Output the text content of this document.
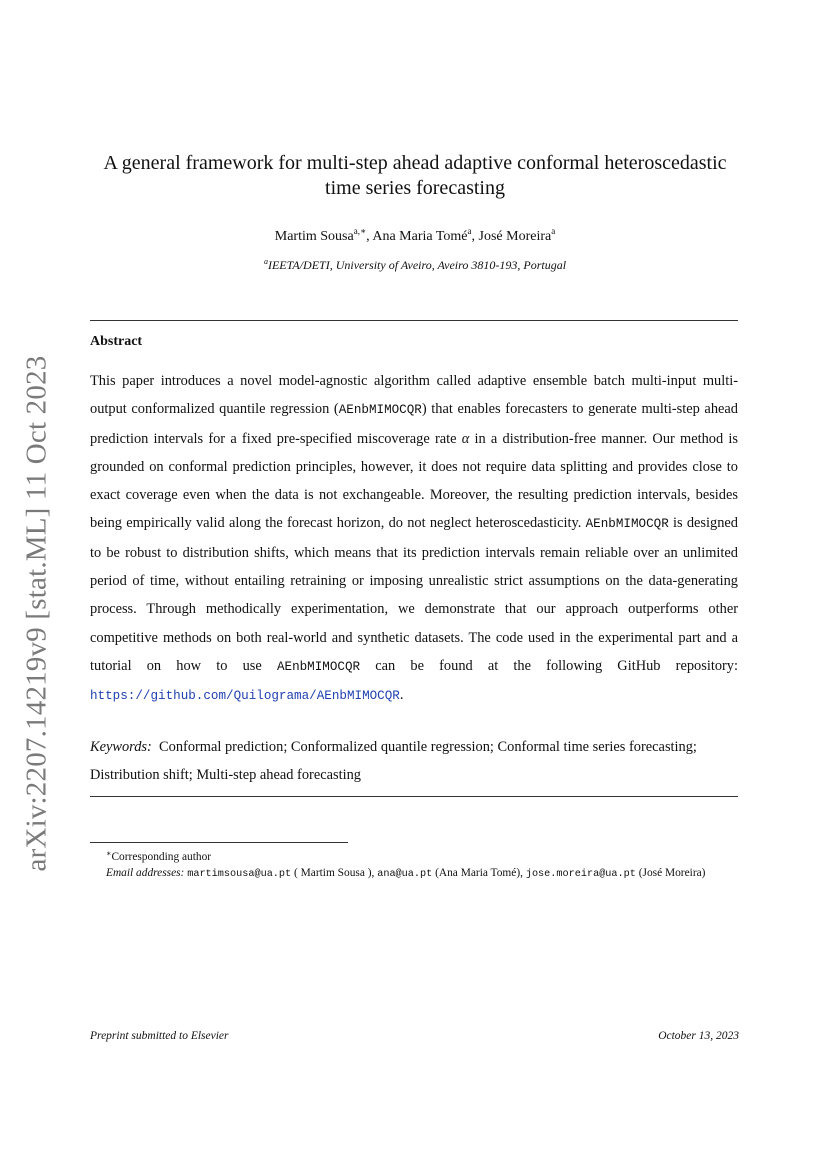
arXiv:2207.14219v9 [stat.ML] 11 Oct 2023
A general framework for multi-step ahead adaptive conformal heteroscedastic time series forecasting
Martim Sousa$^{a,∗}$, Ana Maria Tomé$^a$, José Moreira$^a$
$^a$IEETA/DETI, University of Aveiro, Aveiro 3810-193, Portugal
Abstract
This paper introduces a novel model-agnostic algorithm called adaptive ensemble batch multi-input multi-output conformalized quantile regression (AEnbMIMOCQR) that enables forecasters to generate multi-step ahead prediction intervals for a fixed pre-specified miscoverage rate α in a distribution-free manner. Our method is grounded on conformal prediction principles, however, it does not require data splitting and provides close to exact coverage even when the data is not exchangeable. Moreover, the resulting prediction intervals, besides being empirically valid along the forecast horizon, do not neglect heteroscedasticity. AEnbMIMOCQR is designed to be robust to distribution shifts, which means that its prediction intervals remain reliable over an unlimited period of time, without entailing retraining or imposing unrealistic strict assumptions on the data-generating process. Through methodically experimentation, we demonstrate that our approach outperforms other competitive methods on both real-world and synthetic datasets. The code used in the experimental part and a tutorial on how to use AEnbMIMOCQR can be found at the following GitHub repository: https://github.com/Quilograma/AEnbMIMOCQR.
Keywords: Conformal prediction; Conformalized quantile regression; Conformal time series forecasting; Distribution shift; Multi-step ahead forecasting
∗Corresponding author
Email addresses: martimsousa@ua.pt ( Martim Sousa ), ana@ua.pt (Ana Maria Tomé), jose.moreira@ua.pt (José Moreira)
Preprint submitted to Elsevier	October 13, 2023
